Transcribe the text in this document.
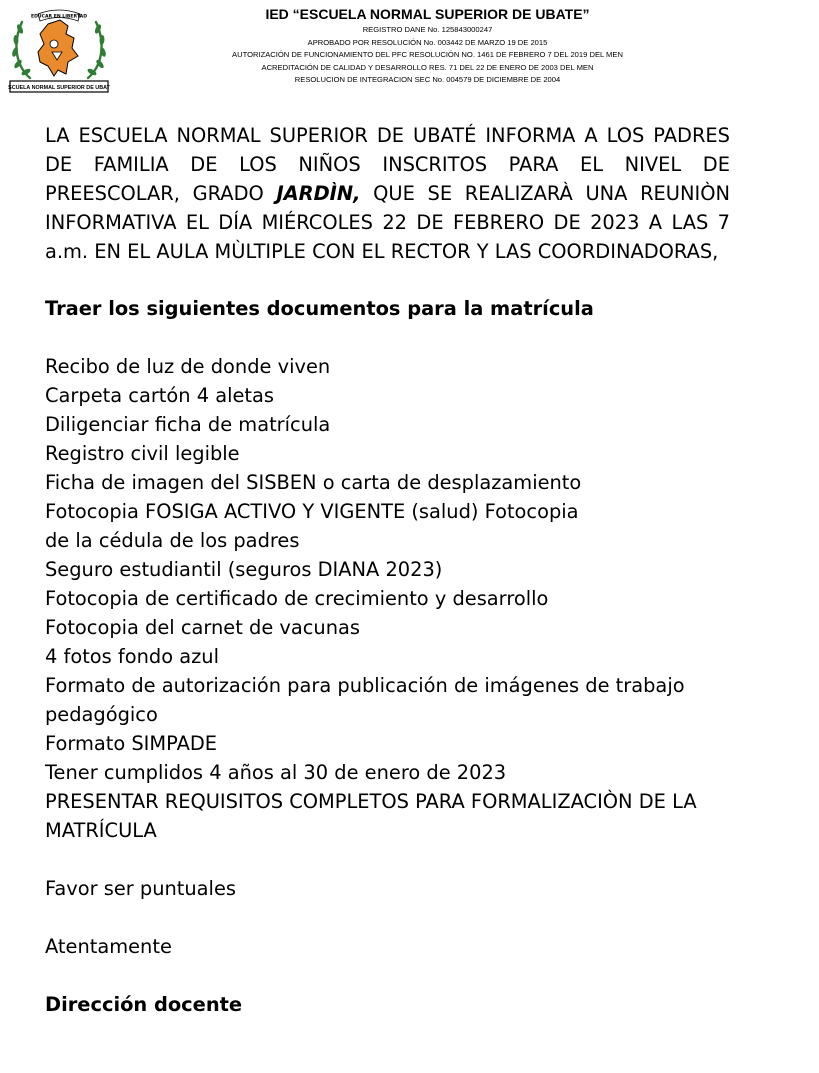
EDUCAR EN LIBERTAD
ESCUELA NORMAL SUPERIOR DE UBATÉ
IED “ESCUELA NORMAL SUPERIOR DE UBATE”
REGISTRO DANE No. 125843000247
APROBADO POR RESOLUCIÓN No. 003442 DE MARZO 19 DE 2015
AUTORIZACIÓN DE FUNCIONAMIENTO DEL PFC RESOLUCIÓN NO. 1461 DE FEBRERO 7 DEL 2019 DEL MEN
ACREDITACIÓN DE CALIDAD Y DESARROLLO RES. 71 DEL 22 DE ENERO DE 2003 DEL MEN
RESOLUCION DE INTEGRACION SEC No. 004579 DE DICIEMBRE DE 2004
LA ESCUELA NORMAL SUPERIOR DE UBATÉ INFORMA A LOS PADRES DE FAMILIA DE LOS NIÑOS INSCRITOS PARA EL NIVEL DE PREESCOLAR, GRADO JARDÌN, QUE SE REALIZARÀ UNA REUNIÒN INFORMATIVA EL DÍA MIÉRCOLES 22 DE FEBRERO DE 2023 A LAS 7 a.m. EN EL AULA MÙLTIPLE CON EL RECTOR Y LAS COORDINADORAS,
Traer los siguientes documentos para la matrícula
Recibo de luz de donde viven
Carpeta cartón 4 aletas
Diligenciar ficha de matrícula
Registro civil legible
Ficha de imagen del SISBEN o carta de desplazamiento
Fotocopia FOSIGA ACTIVO Y VIGENTE (salud) Fotocopia
de la cédula de los padres
Seguro estudiantil (seguros DIANA 2023)
Fotocopia de certificado de crecimiento y desarrollo
Fotocopia del carnet de vacunas
4 fotos fondo azul
Formato de autorización para publicación de imágenes de trabajo pedagógico
Formato SIMPADE
Tener cumplidos 4 años al 30 de enero de 2023
PRESENTAR REQUISITOS COMPLETOS PARA FORMALIZACIÒN DE LA MATRÍCULA
Favor ser puntuales
Atentamente
Dirección docente
